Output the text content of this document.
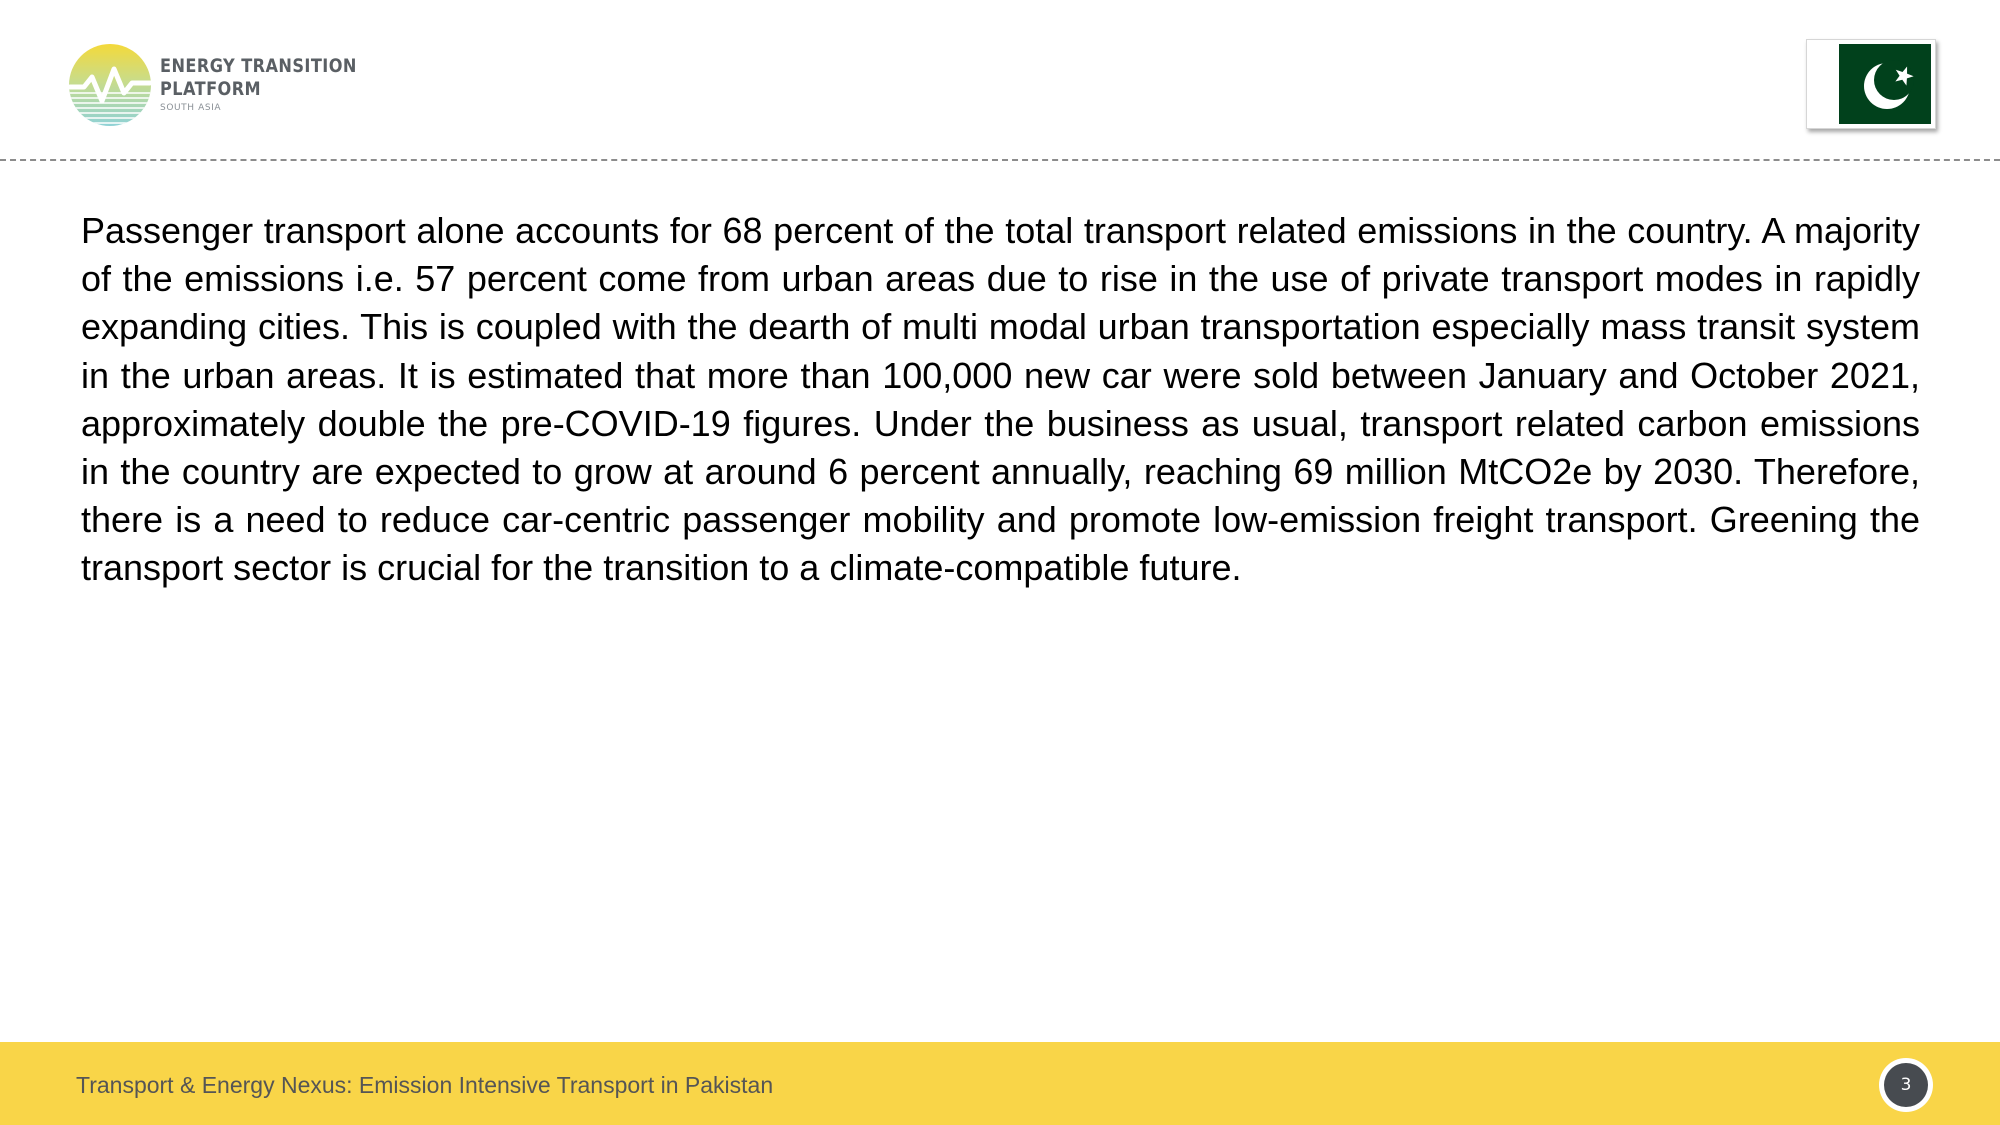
ENERGY TRANSITION
PLATFORM
SOUTH ASIA

Passenger transport alone accounts for 68 percent of the total transport related emissions in the country. A majority of the emissions i.e. 57 percent come from urban areas due to rise in the use of private transport modes in rapidly expanding cities. This is coupled with the dearth of multi modal urban transportation especially mass transit system in the urban areas. It is estimated that more than 100,000 new car were sold between January and October 2021, approximately double the pre-COVID-19 figures. Under the business as usual, transport related carbon emissions in the country are expected to grow at around 6 percent annually, reaching 69 million MtCO2e by 2030. Therefore, there is a need to reduce car-centric passenger mobility and promote low-emission freight transport. Greening the transport sector is crucial for the transition to a climate-compatible future.

Transport & Energy Nexus: Emission Intensive Transport in Pakistan	3
